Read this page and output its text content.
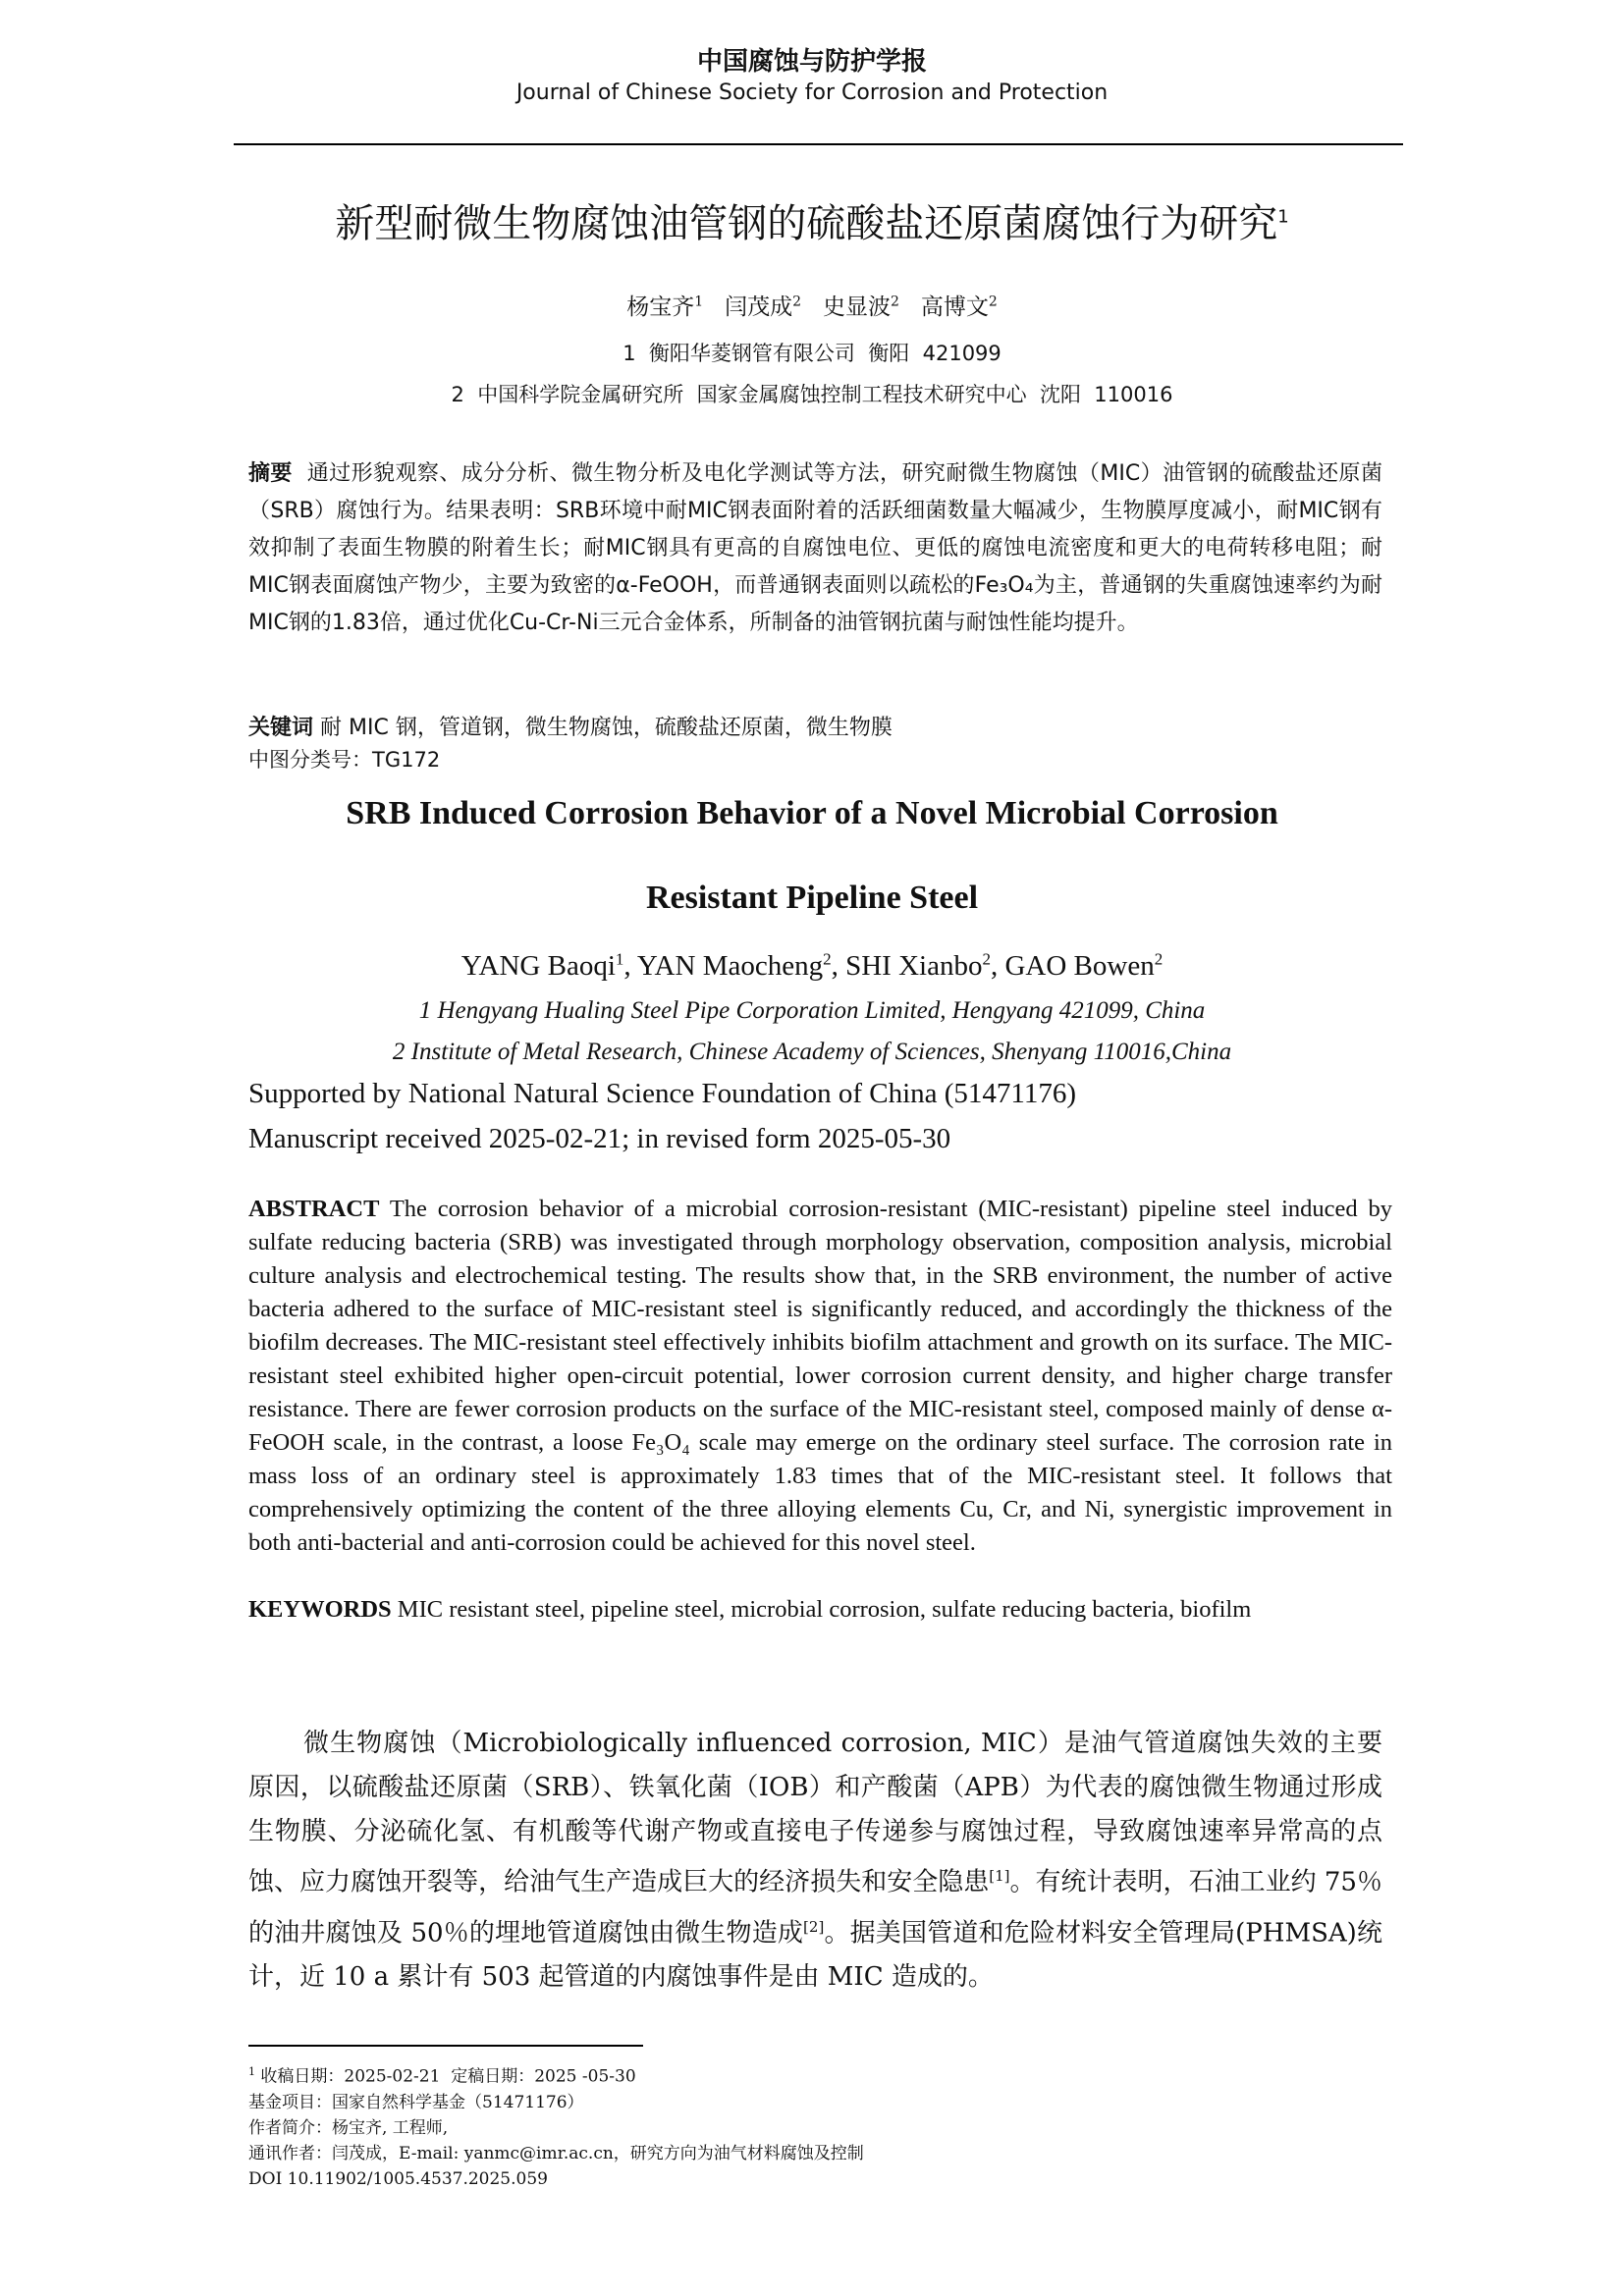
中国腐蚀与防护学报
Journal of Chinese Society for Corrosion and Protection
新型耐微生物腐蚀油管钢的硫酸盐还原菌腐蚀行为研究$^1$
杨宝齐$^1$ 闫茂成$^2$ 史显波$^2$ 高博文$^2$
1  衡阳华菱钢管有限公司  衡阳  421099
2  中国科学院金属研究所  国家金属腐蚀控制工程技术研究中心  沈阳  110016
摘要 通过形貌观察、成分分析、微生物分析及电化学测试等方法，研究耐微生物腐蚀（MIC）油管钢的硫酸盐还原菌（SRB）腐蚀行为。结果表明：SRB环境中耐MIC钢表面附着的活跃细菌数量大幅减少，生物膜厚度减小，耐MIC钢有效抑制了表面生物膜的附着生长；耐MIC钢具有更高的自腐蚀电位、更低的腐蚀电流密度和更大的电荷转移电阻；耐MIC钢表面腐蚀产物少，主要为致密的α-FeOOH，而普通钢表面则以疏松的Fe₃O₄为主，普通钢的失重腐蚀速率约为耐MIC钢的1.83倍，通过优化Cu-Cr-Ni三元合金体系，所制备的油管钢抗菌与耐蚀性能均提升。
关键词 耐 MIC 钢，管道钢，微生物腐蚀，硫酸盐还原菌，微生物膜
中图分类号：TG172
SRB Induced Corrosion Behavior of a Novel Microbial Corrosion
Resistant Pipeline Steel
YANG Baoqi$^1$, YAN Maocheng$^2$, SHI Xianbo$^2$, GAO Bowen$^2$
1 Hengyang Hualing Steel Pipe Corporation Limited, Hengyang 421099, China
2 Institute of Metal Research, Chinese Academy of Sciences, Shenyang 110016,China
Supported by National Natural Science Foundation of China (51471176)
Manuscript received 2025-02-21; in revised form 2025-05-30
ABSTRACT The corrosion behavior of a microbial corrosion-resistant (MIC-resistant) pipeline steel induced by sulfate reducing bacteria (SRB) was investigated through morphology observation, composition analysis, microbial culture analysis and electrochemical testing. The results show that, in the SRB environment, the number of active bacteria adhered to the surface of MIC-resistant steel is significantly reduced, and accordingly the thickness of the biofilm decreases. The MIC-resistant steel effectively inhibits biofilm attachment and growth on its surface. The MIC-resistant steel exhibited higher open-circuit potential, lower corrosion current density, and higher charge transfer resistance. There are fewer corrosion products on the surface of the MIC-resistant steel, composed mainly of dense α-FeOOH scale, in the contrast, a loose Fe₃O₄ scale may emerge on the ordinary steel surface. The corrosion rate in mass loss of an ordinary steel is approximately 1.83 times that of the MIC-resistant steel. It follows that comprehensively optimizing the content of the three alloying elements Cu, Cr, and Ni, synergistic improvement in both anti-bacterial and anti-corrosion could be achieved for this novel steel.
KEYWORDS MIC resistant steel, pipeline steel, microbial corrosion, sulfate reducing bacteria, biofilm
微生物腐蚀（Microbiologically influenced corrosion, MIC）是油气管道腐蚀失效的主要原因，以硫酸盐还原菌（SRB）、铁氧化菌（IOB）和产酸菌（APB）为代表的腐蚀微生物通过形成生物膜、分泌硫化氢、有机酸等代谢产物或直接电子传递参与腐蚀过程，导致腐蚀速率异常高的点蚀、应力腐蚀开裂等，给油气生产造成巨大的经济损失和安全隐患[1]。有统计表明，石油工业约 75％的油井腐蚀及 50％的埋地管道腐蚀由微生物造成[2]。据美国管道和危险材料安全管理局(PHMSA)统计，近 10 a 累计有 503 起管道的内腐蚀事件是由 MIC 造成的。
$^1$ 收稿日期：2025-02-21  定稿日期：2025 -05-30
基金项目：国家自然科学基金（51471176）
作者简介：杨宝齐, 工程师,
通讯作者：闫茂成，E-mail: yanmc@imr.ac.cn，研究方向为油气材料腐蚀及控制
DOI 10.11902/1005.4537.2025.059
